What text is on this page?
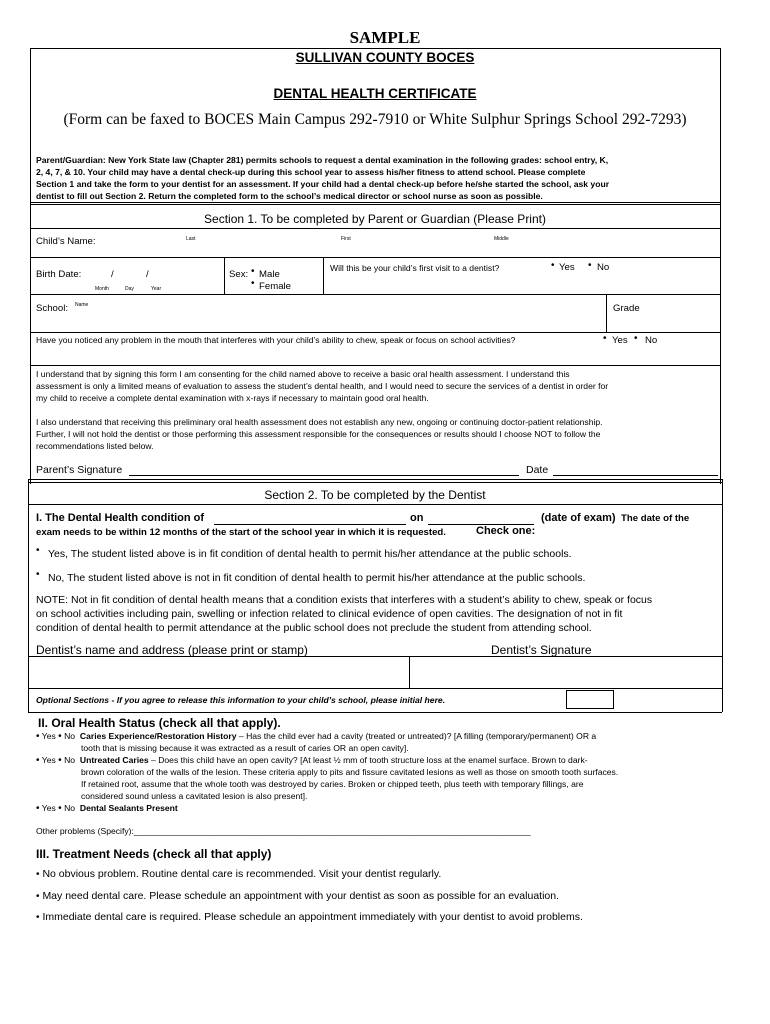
SAMPLE
SULLIVAN COUNTY BOCES
DENTAL HEALTH CERTIFICATE
(Form can be faxed to BOCES Main Campus 292-7910 or White Sulphur Springs School 292-7293)
Parent/Guardian: New York State law (Chapter 281) permits schools to request a dental examination in the following grades: school entry, K,
2, 4, 7, & 10. Your child may have a dental check-up during this school year to assess his/her fitness to attend school. Please complete
Section 1 and take the form to your dentist for an assessment. If your child had a dental check-up before he/she started the school, ask your
dentist to fill out Section 2. Return the completed form to the school’s medical director or school nurse as soon as possible.
Section 1. To be completed by Parent or Guardian (Please Print)
Child’s Name:	Last	First	Middle
Birth Date:	/	/
Month	Day	Year
Sex: • Male
• Female
Will this be your child’s first visit to a dentist?	• Yes • No
School: Name	Grade
Have you noticed any problem in the mouth that interferes with your child’s ability to chew, speak or focus on school activities?	• Yes • No
I understand that by signing this form I am consenting for the child named above to receive a basic oral health assessment. I understand this
assessment is only a limited means of evaluation to assess the student’s dental health, and I would need to secure the services of a dentist in order for
my child to receive a complete dental examination with x-rays if necessary to maintain good oral health.
I also understand that receiving this preliminary oral health assessment does not establish any new, ongoing or continuing doctor-patient relationship.
Further, I will not hold the dentist or those performing this assessment responsible for the consequences or results should I choose NOT to follow the
recommendations listed below.
Parent’s Signature	Date
Section 2. To be completed by the Dentist
I. The Dental Health condition of	on	(date of exam) The date of the
exam needs to be within 12 months of the start of the school year in which it is requested.	Check one:
• Yes, The student listed above is in fit condition of dental health to permit his/her attendance at the public schools.
• No, The student listed above is not in fit condition of dental health to permit his/her attendance at the public schools.
NOTE: Not in fit condition of dental health means that a condition exists that interferes with a student’s ability to chew, speak or focus
on school activities including pain, swelling or infection related to clinical evidence of open cavities. The designation of not in fit
condition of dental health to permit attendance at the public school does not preclude the student from attending school.
Dentist’s name and address (please print or stamp)	Dentist’s Signature
Optional Sections - If you agree to release this information to your child’s school, please initial here.
II. Oral Health Status (check all that apply).
• Yes • No Caries Experience/Restoration History – Has the child ever had a cavity (treated or untreated)? [A filling (temporary/permanent) OR a
tooth that is missing because it was extracted as a result of caries OR an open cavity].
• Yes • No Untreated Caries – Does this child have an open cavity? [At least ½ mm of tooth structure loss at the enamel surface. Brown to dark-
brown coloration of the walls of the lesion. These criteria apply to pits and fissure cavitated lesions as well as those on smooth tooth surfaces.
If retained root, assume that the whole tooth was destroyed by caries. Broken or chipped teeth, plus teeth with temporary fillings, are
considered sound unless a cavitated lesion is also present].
• Yes • No Dental Sealants Present
Other problems (Specify):___________________________________________________________________________________
III. Treatment Needs (check all that apply)
• No obvious problem. Routine dental care is recommended. Visit your dentist regularly.
• May need dental care. Please schedule an appointment with your dentist as soon as possible for an evaluation.
• Immediate dental care is required. Please schedule an appointment immediately with your dentist to avoid problems.
